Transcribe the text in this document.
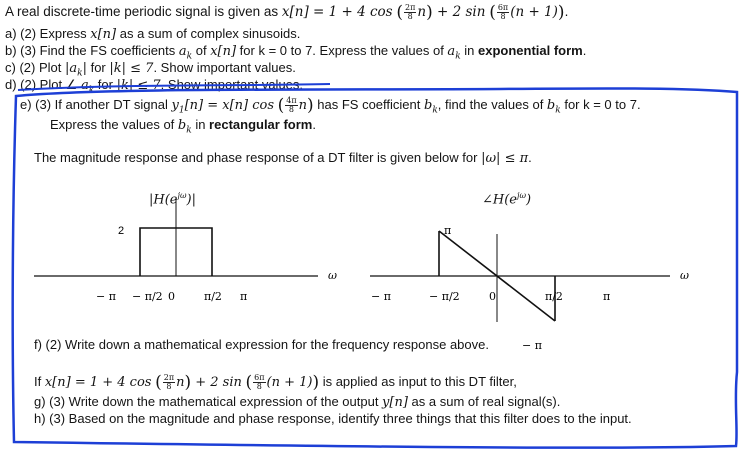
A real discrete-time periodic signal is given as x[n] = 1 + 4 cos ( $\frac{2\pi}{8} n) + 2$ sin ( $\frac{6\pi}{8} (n + 1)$).
a) (2) Express x[n] as a sum of complex sinusoids.
b) (3) Find the FS coefficients $a_k$ of x[n] for k = 0 to 7. Express the values of $a_k$ in exponential form.
c) (2) Plot $|a_k|$ for |k| ≤ 7. Show important values.
d) (2) Plot ∠ $a_k$ for |k| ≤ 7. Show important values.
e) (3) If another DT signal $y_1[n] = x[n]$ cos ( $\frac{4\pi}{8} n$) has FS coefficient $b_k$, find the values of $b_k$ for k = 0 to 7.
Express the values of $b_k$ in rectangular form.
The magnitude response and phase response of a DT filter is given below for |ω| ≤ π.
$|H(e^{j\omega})|$	$\angle H(e^{j\omega})$
2
ω
− π − π/2 0	π/2 π
π
− π
ω
− π	− π/2	0	π/2	π
f) (2) Write down a mathematical expression for the frequency response above.
If x[n] = 1 + 4 cos ( $\frac{2\pi}{8} n) + 2$ sin ( $\frac{6\pi}{8} (n + 1)$) is applied as input to this DT filter,
g) (3) Write down the mathematical expression of the output y[n] as a sum of real signal(s).
h) (3) Based on the magnitude and phase response, identify three things that this filter does to the input.
